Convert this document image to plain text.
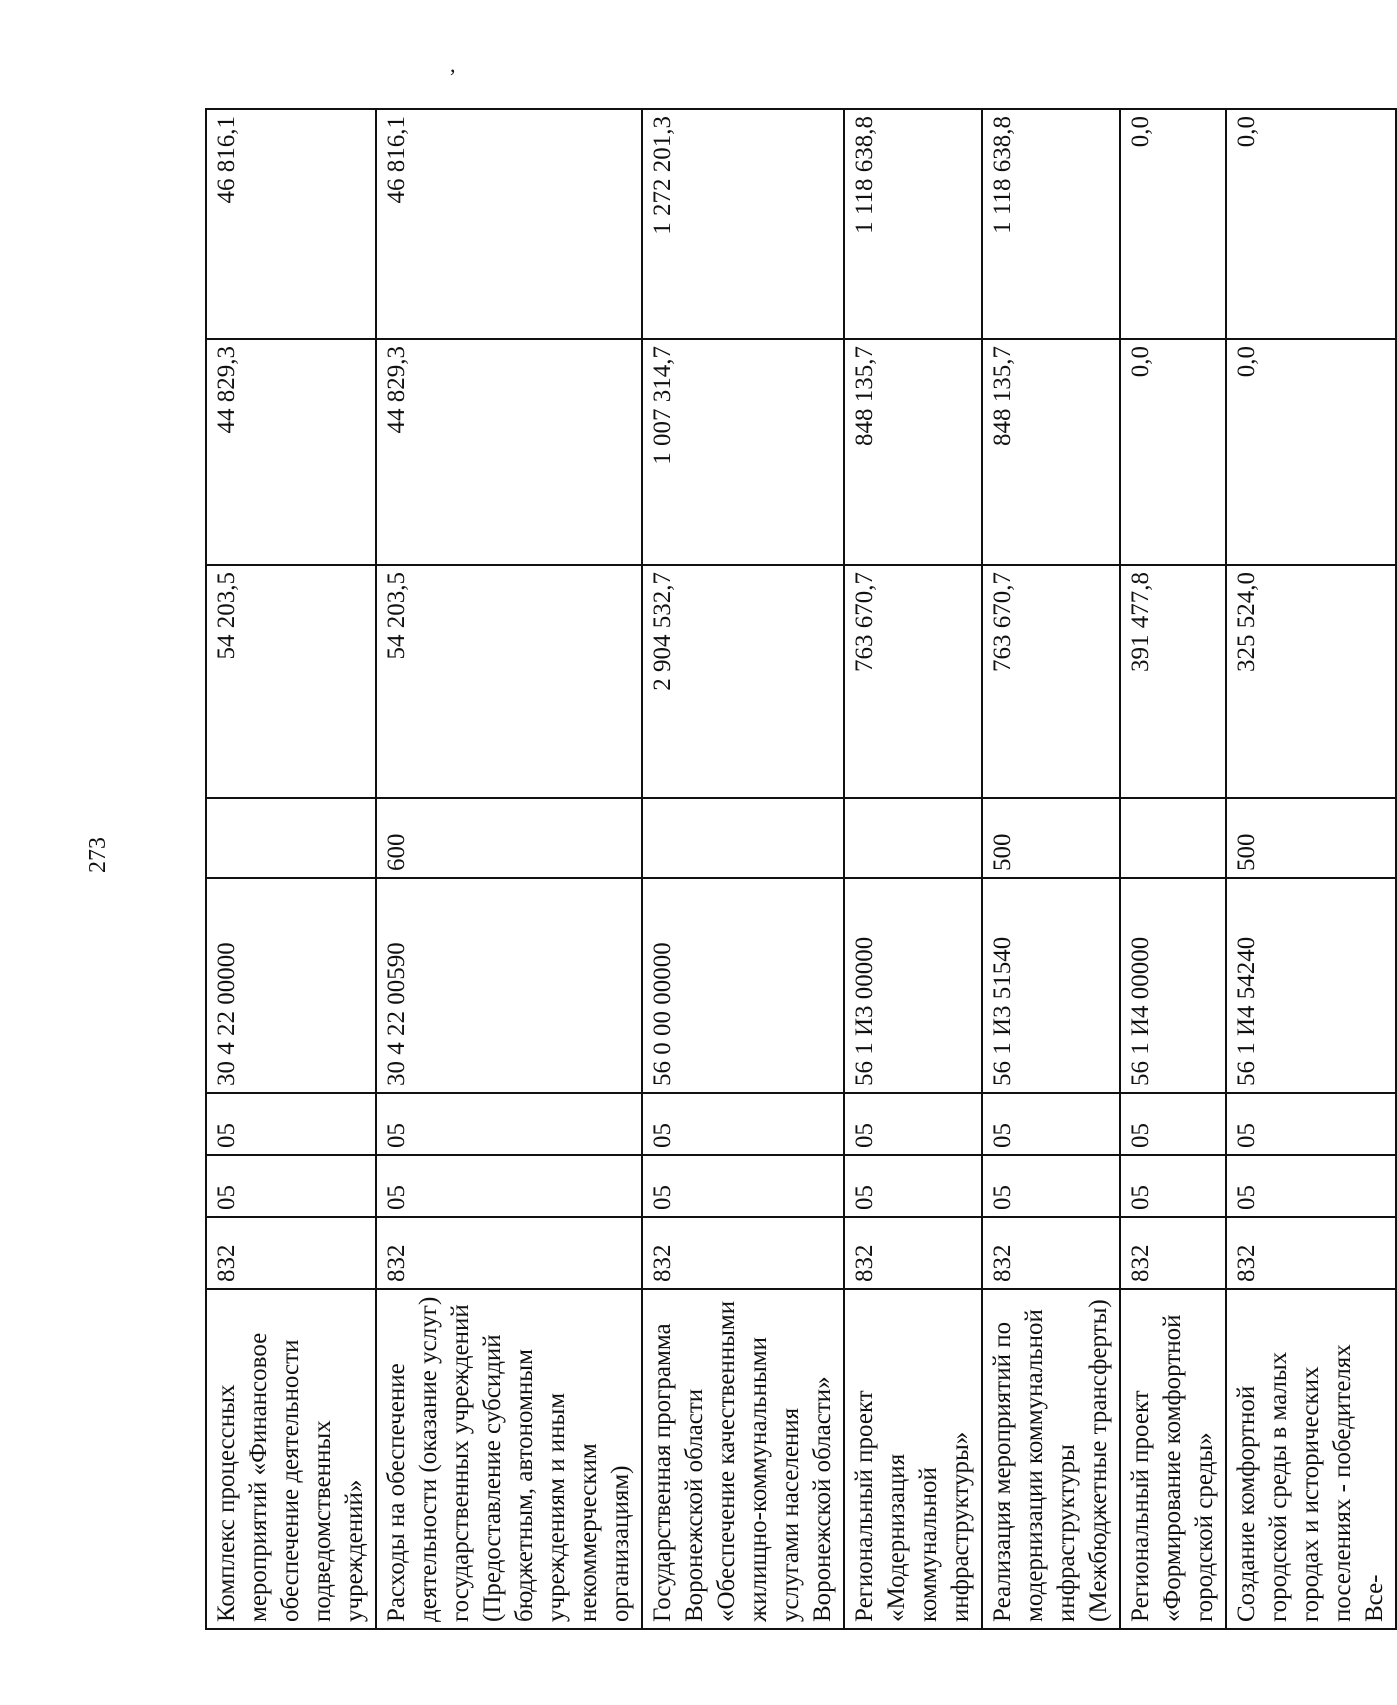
,
273
Комплекс процессных мероприятий «Финансовое обеспечение деятельности подведомственных учреждений»	832	05	05	30 4 22 00000		54 203,5	44 829,3	46 816,1
Расходы на обеспечение деятельности (оказание услуг) государственных учреждений (Предоставление субсидий бюджетным, автономным учреждениям и иным некоммерческим организациям)	832	05	05	30 4 22 00590	600	54 203,5	44 829,3	46 816,1
Государственная программа Воронежской области «Обеспечение качественными жилищно-коммунальными услугами населения Воронежской области»	832	05	05	56 0 00 00000		2 904 532,7	1 007 314,7	1 272 201,3
Региональный проект «Модернизация коммунальной инфраструктуры»	832	05	05	56 1 И3 00000		763 670,7	848 135,7	1 118 638,8
Реализация мероприятий по модернизации коммунальной инфраструктуры (Межбюджетные трансферты)	832	05	05	56 1 И3 51540	500	763 670,7	848 135,7	1 118 638,8
Региональный проект «Формирование комфортной городской среды»	832	05	05	56 1 И4 00000		391 477,8	0,0	0,0
Создание комфортной городской среды в малых городах и исторических поселениях - победителях Все-	832	05	05	56 1 И4 54240	500	325 524,0	0,0	0,0
